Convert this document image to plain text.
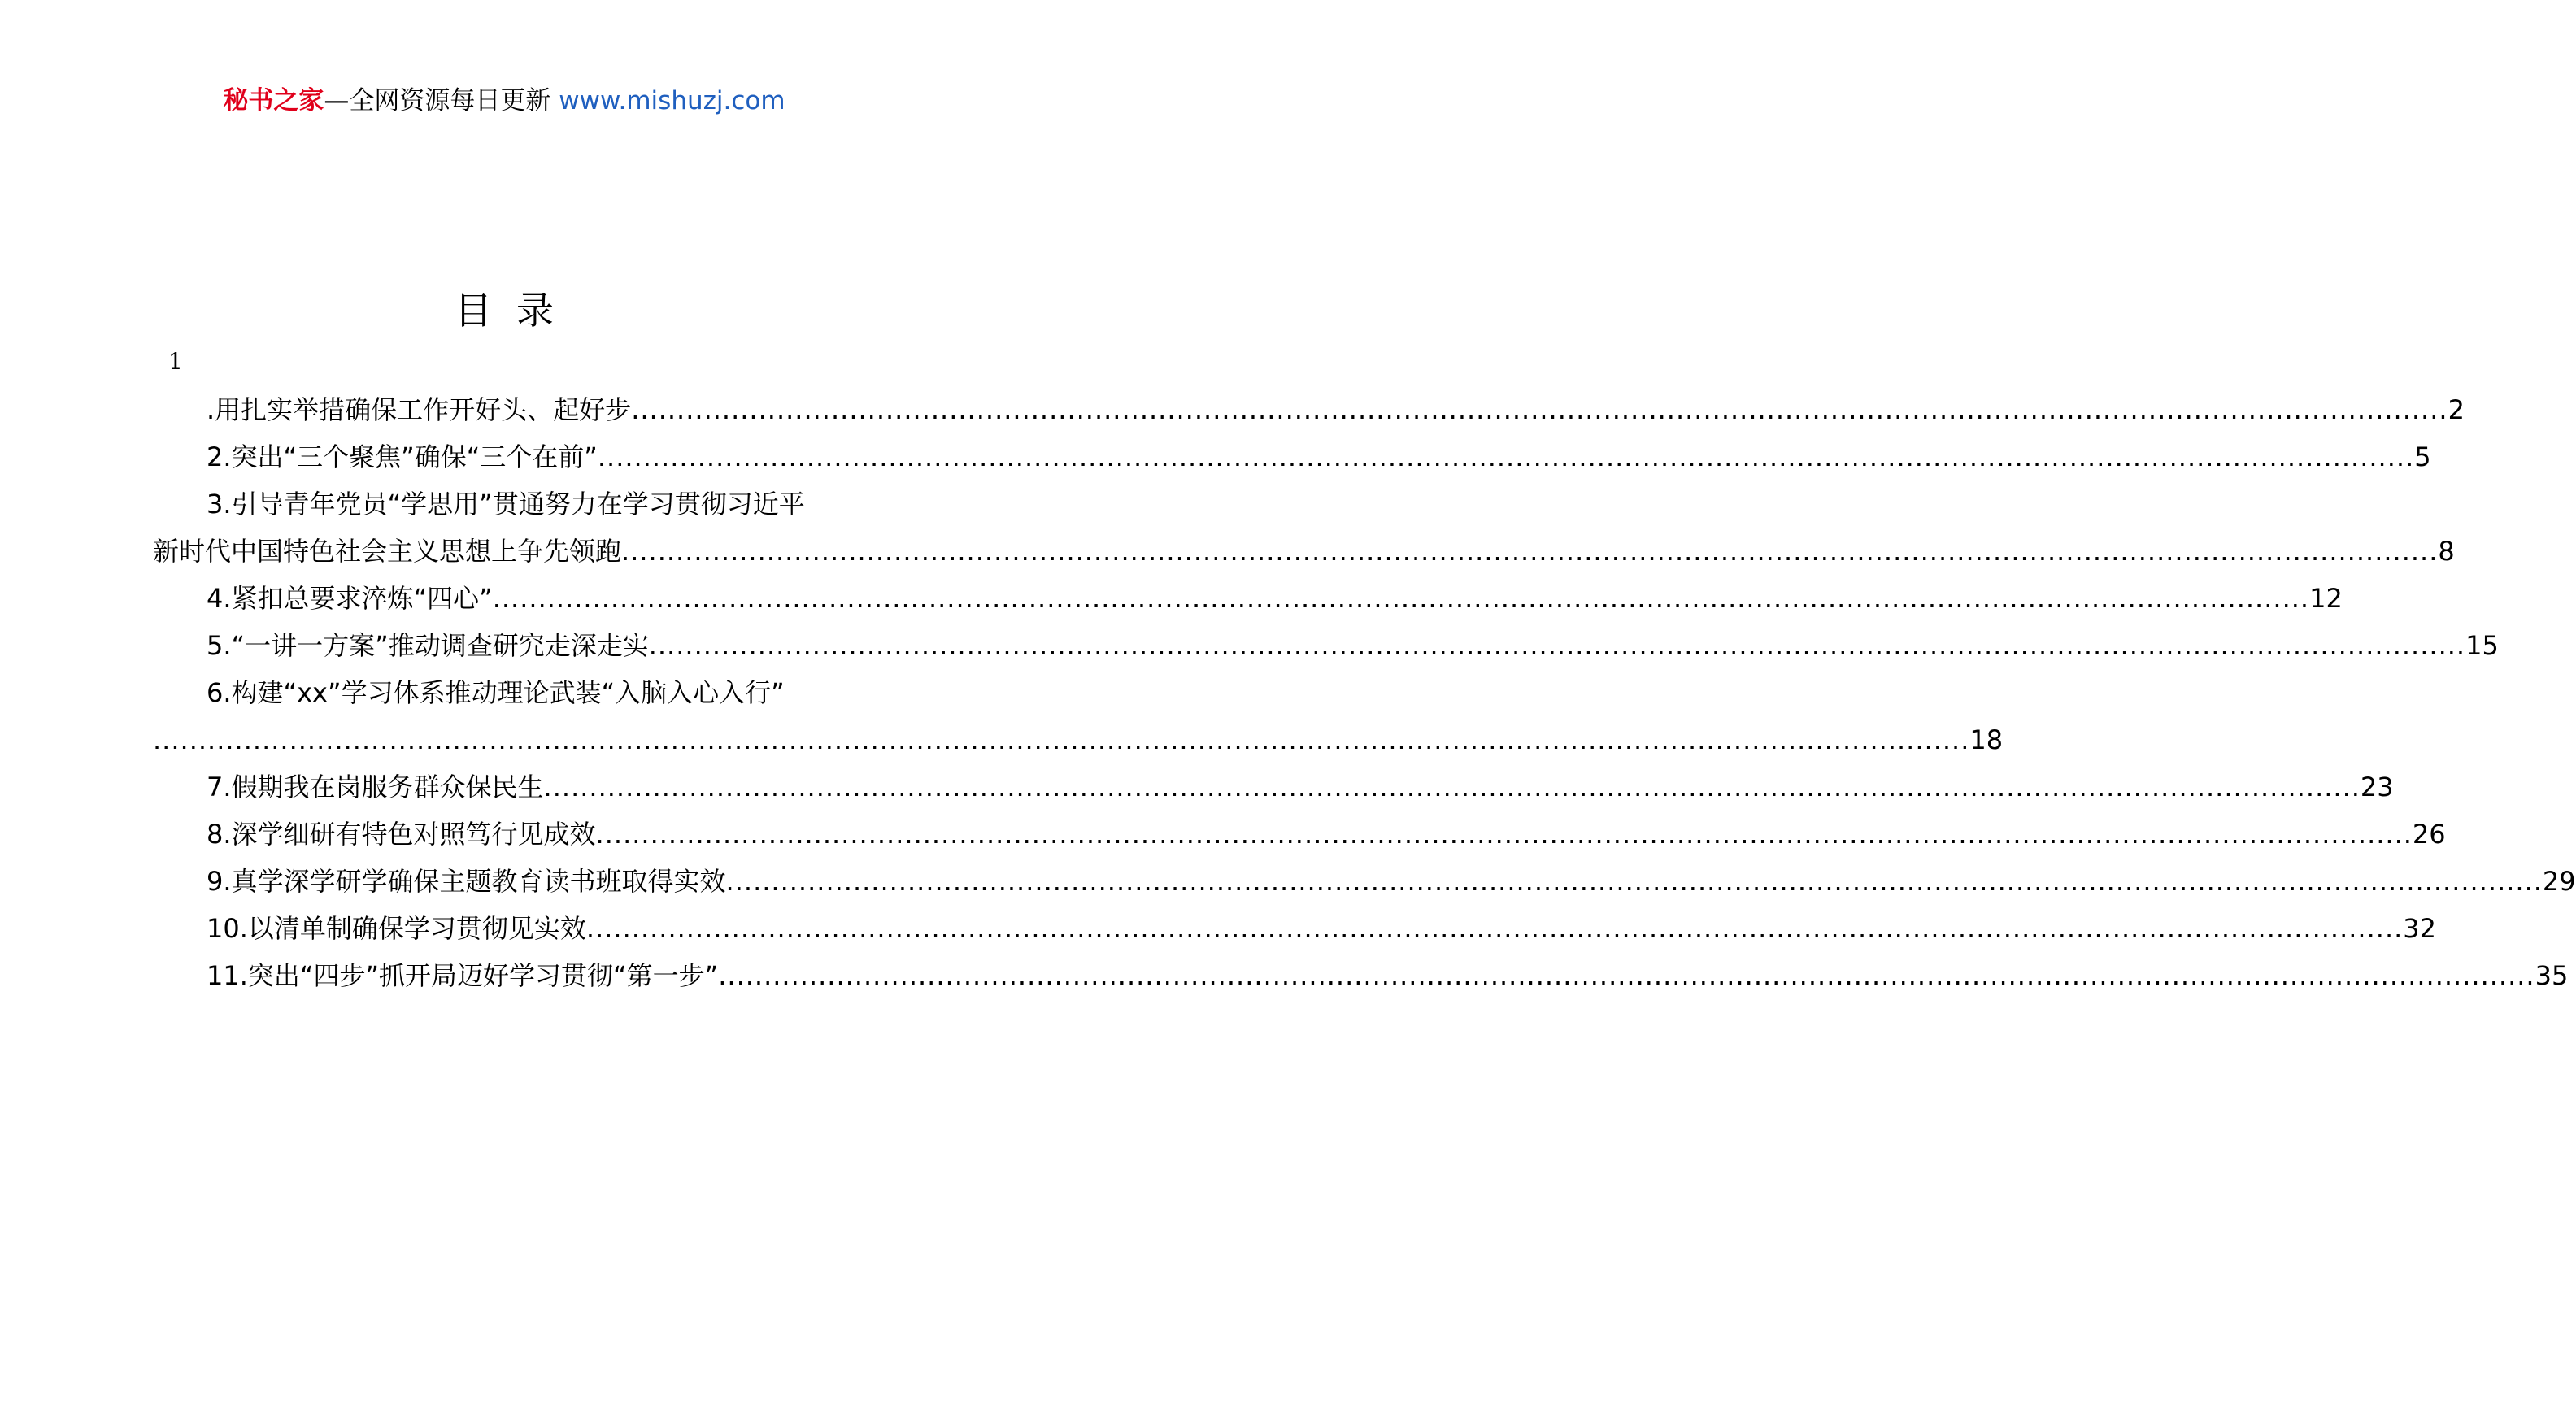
秘书之家—全网资源每日更新 www.mishuzj.com
目录
1
.用扎实举措确保工作开好头、起好步 ........................................................................................................................................................................................................ 2
2.突出“三个聚焦”确保“三个在前” ........................................................................................................................................................................................................ 5
3.引导青年党员“学思用”贯通努力在学习贯彻习近平
新时代中国特色社会主义思想上争先领跑 ........................................................................................................................................................................................................ 8
4.紧扣总要求淬炼“四心” ........................................................................................................................................................................................................ 12
5.“一讲一方案”推动调查研究走深走实 ........................................................................................................................................................................................................ 15
6.构建“xx”学习体系推动理论武装“入脑入心入行”
........................................................................................................................................................................................................ 18
7.假期我在岗服务群众保民生 ........................................................................................................................................................................................................ 23
8.深学细研有特色对照笃行见成效 ........................................................................................................................................................................................................ 26
9.真学深学研学确保主题教育读书班取得实效 ........................................................................................................................................................................................................ 29
10.以清单制确保学习贯彻见实效 ........................................................................................................................................................................................................ 32
11.突出“四步”抓开局迈好学习贯彻“第一步” ........................................................................................................................................................................................................ 35
